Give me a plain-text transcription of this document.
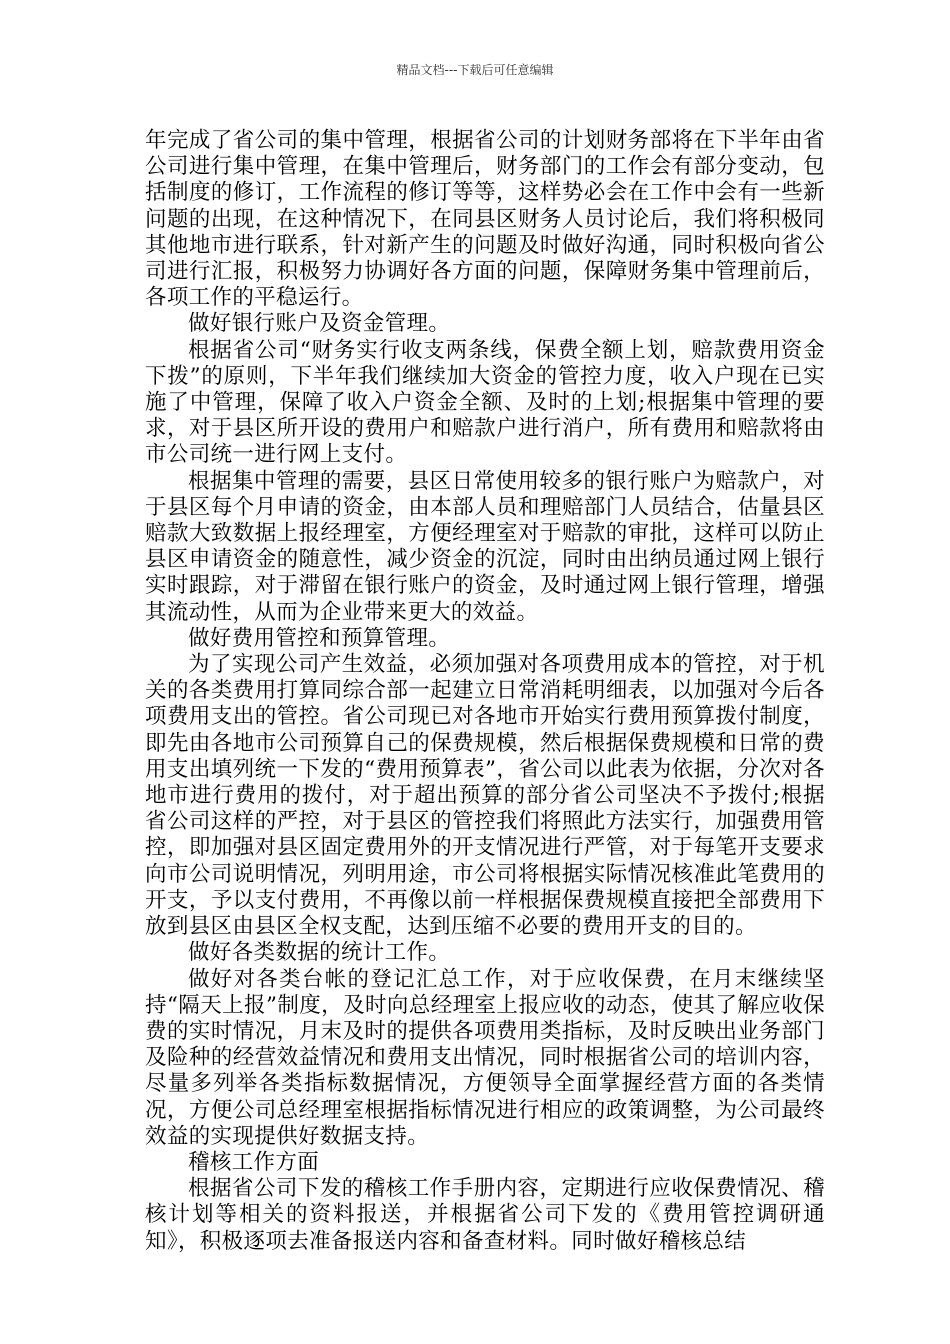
精品文档---下载后可任意编辑

年完成了省公司的集中管理，根据省公司的计划财务部将在下半年由省公司进行集中管理，在集中管理后，财务部门的工作会有部分变动，包括制度的修订，工作流程的修订等等，这样势必会在工作中会有一些新问题的出现，在这种情况下，在同县区财务人员讨论后，我们将积极同其他地市进行联系，针对新产生的问题及时做好沟通，同时积极向省公司进行汇报，积极努力协调好各方面的问题，保障财务集中管理前后，各项工作的平稳运行。

做好银行账户及资金管理。

根据省公司“财务实行收支两条线，保费全额上划，赔款费用资金下拨”的原则，下半年我们继续加大资金的管控力度，收入户现在已实施了中管理，保障了收入户资金全额、及时的上划;根据集中管理的要求，对于县区所开设的费用户和赔款户进行消户，所有费用和赔款将由市公司统一进行网上支付。

根据集中管理的需要，县区日常使用较多的银行账户为赔款户，对于县区每个月申请的资金，由本部人员和理赔部门人员结合，估量县区赔款大致数据上报经理室，方便经理室对于赔款的审批，这样可以防止县区申请资金的随意性，减少资金的沉淀，同时由出纳员通过网上银行实时跟踪，对于滞留在银行账户的资金，及时通过网上银行管理，增强其流动性，从而为企业带来更大的效益。

做好费用管控和预算管理。

为了实现公司产生效益，必须加强对各项费用成本的管控，对于机关的各类费用打算同综合部一起建立日常消耗明细表，以加强对今后各项费用支出的管控。省公司现已对各地市开始实行费用预算拨付制度，即先由各地市公司预算自己的保费规模，然后根据保费规模和日常的费用支出填列统一下发的“费用预算表”，省公司以此表为依据，分次对各地市进行费用的拨付，对于超出预算的部分省公司坚决不予拨付;根据省公司这样的严控，对于县区的管控我们将照此方法实行，加强费用管控，即加强对县区固定费用外的开支情况进行严管，对于每笔开支要求向市公司说明情况，列明用途，市公司将根据实际情况核准此笔费用的开支，予以支付费用，不再像以前一样根据保费规模直接把全部费用下放到县区由县区全权支配，达到压缩不必要的费用开支的目的。

做好各类数据的统计工作。

做好对各类台帐的登记汇总工作，对于应收保费，在月末继续坚持“隔天上报”制度，及时向总经理室上报应收的动态，使其了解应收保费的实时情况，月末及时的提供各项费用类指标，及时反映出业务部门及险种的经营效益情况和费用支出情况，同时根据省公司的培训内容，尽量多列举各类指标数据情况，方便领导全面掌握经营方面的各类情况，方便公司总经理室根据指标情况进行相应的政策调整，为公司最终效益的实现提供好数据支持。

稽核工作方面

根据省公司下发的稽核工作手册内容，定期进行应收保费情况、稽核计划等相关的资料报送，并根据省公司下发的《费用管控调研通知》，积极逐项去准备报送内容和备查材料。同时做好稽核总结
